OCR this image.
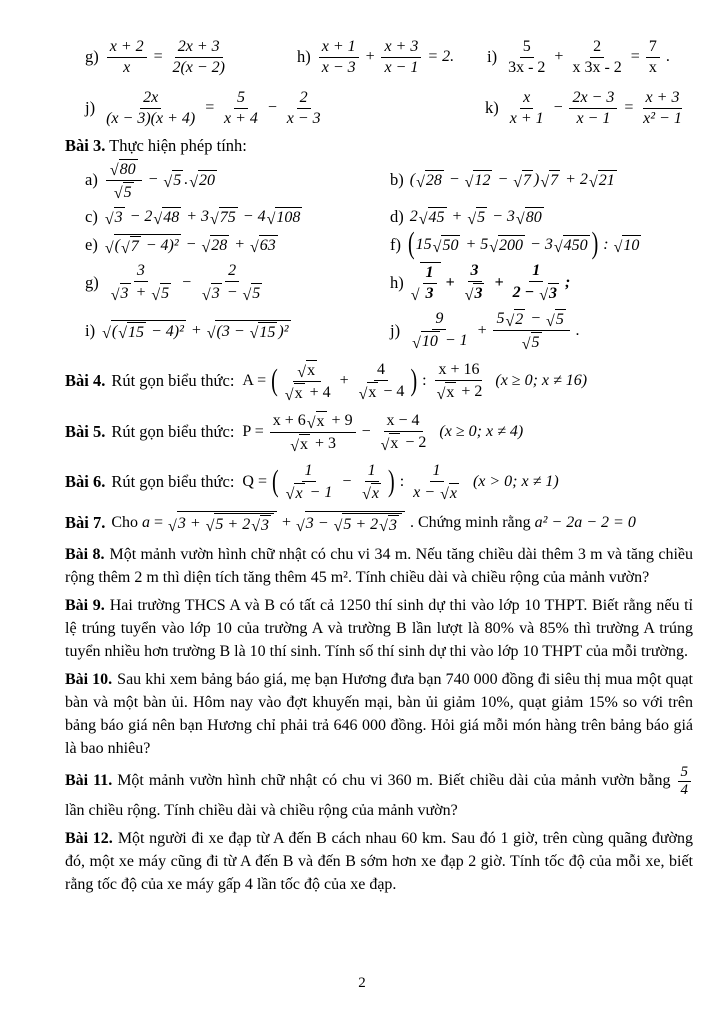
$g) \frac{x + 2}{x} = \frac{2x + 3}{2(x - 2)}$	$h) \frac{x + 1}{x - 3} + \frac{x + 3}{x - 1} = 2$. $i) \frac{5}{3x - 2} + \frac{2}{x 3x - 2} = \frac{7}{x}$ .
$j) \frac{2x}{(x - 3)(x + 4)} = \frac{5}{x + 4} - \frac{2}{x - 3}$	$k) \frac{x}{x + 1} - \frac{2x - 3}{x - 1} = \frac{x + 3}{\text{x² − 1}}$

Bài 3. Thực hiện phép tính:

$a) \frac{√ 80}{√ 5}$ − √ 5 . √ 20	b) ( √ 28 − √ 12 − √ 7 ) √ 7 + 2 √ 21
c) √ 3 − 2 √ 48 + 3 √ 75 − 4 √ 108	d) 2 √ 45 + √ 5 − 3 √ 80
e) √ ( √ 7 − 4)² − √ 28 + √ 63	f) ( 15 √ 50 + 5 √ 200 − 3 √ 450 ) : √ 10
$g) \frac{3}{√ 3 + √ 5} - \frac{2}{√ 3 - √ 5}$	h)
√ $\frac{1}{3} + \frac{3}{√ 3} + \frac{1}{2 - √ 3}$ ;
i) √ ( √ 15 − 4)² + √ (3 − √ 15 )²	$j) \frac{9}{√ 10 - 1} + \frac{5 √ 2 - √ 5}{√ 5}$ .

Bài 4. Rút gọn biểu thức: A = ( $\frac{√ x}{√ x + 4} + \frac{4}{√ x - 4}$ ) : $\frac{x + 16}{√ x + 2} (x \ge 0$; x ≠ 16)

Bài 5. Rút gọn biểu thức: $P = \frac{x + 6 √ x + 9}{√ x + 3} - \frac{x - 4}{√ x - 2} (x \ge 0$; x ≠ 4)

Bài 6. Rút gọn biểu thức: Q = ( $\frac{1}{√ x - 1} - \frac{1}{√ x}$ ) : $\frac{1}{x - √ x} (x > 0$; x ≠ 1)

Bài 7. Cho a = √ 3 + √ 5 + 2 √ 3 + √ 3 − √ 5 + 2 √ 3 . Chứng minh rằng a² − 2a − 2 = 0

Bài 8. Một mảnh vườn hình chữ nhật có chu vi 34 m. Nếu tăng chiều dài thêm 3 m và tăng chiều rộng thêm 2 m thì diện tích tăng thêm 45 m². Tính chiều dài và chiều rộng của mảnh vườn?

Bài 9. Hai trường THCS A và B có tất cả 1250 thí sinh dự thi vào lớp 10 THPT. Biết rằng nếu tỉ lệ trúng tuyển vào lớp 10 của trường A và trường B lần lượt là 80% và 85% thì trường A trúng tuyển nhiều hơn trường B là 10 thí sinh. Tính số thí sinh dự thi vào lớp 10 THPT của mỗi trường.

Bài 10. Sau khi xem bảng báo giá, mẹ bạn Hương đưa bạn 740 000 đồng đi siêu thị mua một quạt bàn và một bàn ủi. Hôm nay vào đợt khuyến mại, bàn ủi giảm 10%, quạt giảm 15% so với trên bảng báo giá nên bạn Hương chỉ phải trả 646 000 đồng. Hỏi giá mỗi món hàng trên bảng báo giá là bao nhiêu?

Bài 11. Một mảnh vườn hình chữ nhật có chu vi 360 m. Biết chiều dài của mảnh vườn bằng $\frac{5}{4}$
lần chiều rộng. Tính chiều dài và chiều rộng của mảnh vườn?

Bài 12. Một người đi xe đạp từ A đến B cách nhau 60 km. Sau đó 1 giờ, trên cùng quãng đường đó, một xe máy cũng đi từ A đến B và đến B sớm hơn xe đạp 2 giờ. Tính tốc độ của mỗi xe, biết rằng tốc độ của xe máy gấp 4 lần tốc độ của xe đạp.

2
